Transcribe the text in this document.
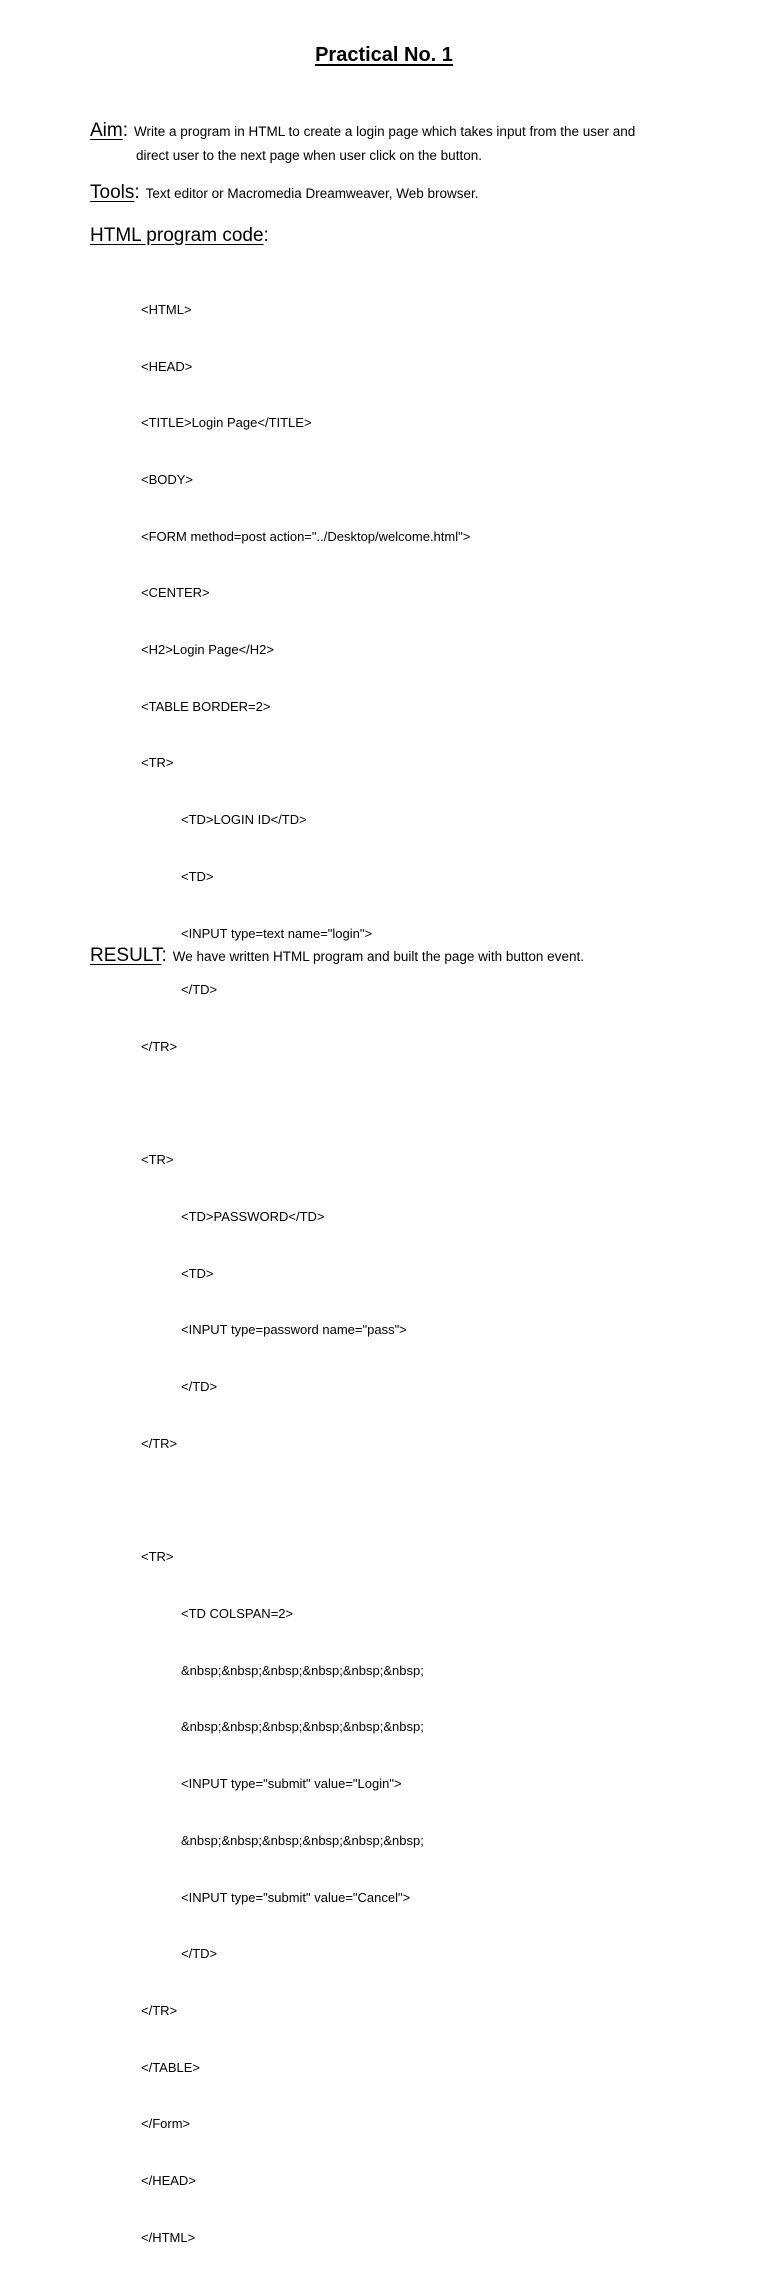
Practical No. 1
Aim : Write a program in HTML to create a login page which takes input from the user and
direct user to the next page when user click on the button.
Tools: Text editor or Macromedia Dreamweaver, Web browser.
HTML program code:

<HTML>

<HEAD>

<TITLE>Login Page</TITLE>

<BODY>

<FORM method=post action="../Desktop/welcome.html">

<CENTER>

<H2>Login Page</H2>

<TABLE BORDER=2>

<TR>

<TD>LOGIN ID</TD>

<TD>

<INPUT type=text name="login">

</TD>

</TR>

<TR>

<TD>PASSWORD</TD>

<TD>

<INPUT type=password name="pass">

</TD>

</TR>

<TR>

<TD COLSPAN=2>

&nbsp;&nbsp;&nbsp;&nbsp;&nbsp;&nbsp;

&nbsp;&nbsp;&nbsp;&nbsp;&nbsp;&nbsp;

<INPUT type="submit" value="Login">

&nbsp;&nbsp;&nbsp;&nbsp;&nbsp;&nbsp;

<INPUT type="submit" value="Cancel">

</TD>

</TR>

</TABLE>

</Form>

</HEAD>

</HTML>

RESULT: We have written HTML program and built the page with button event.
